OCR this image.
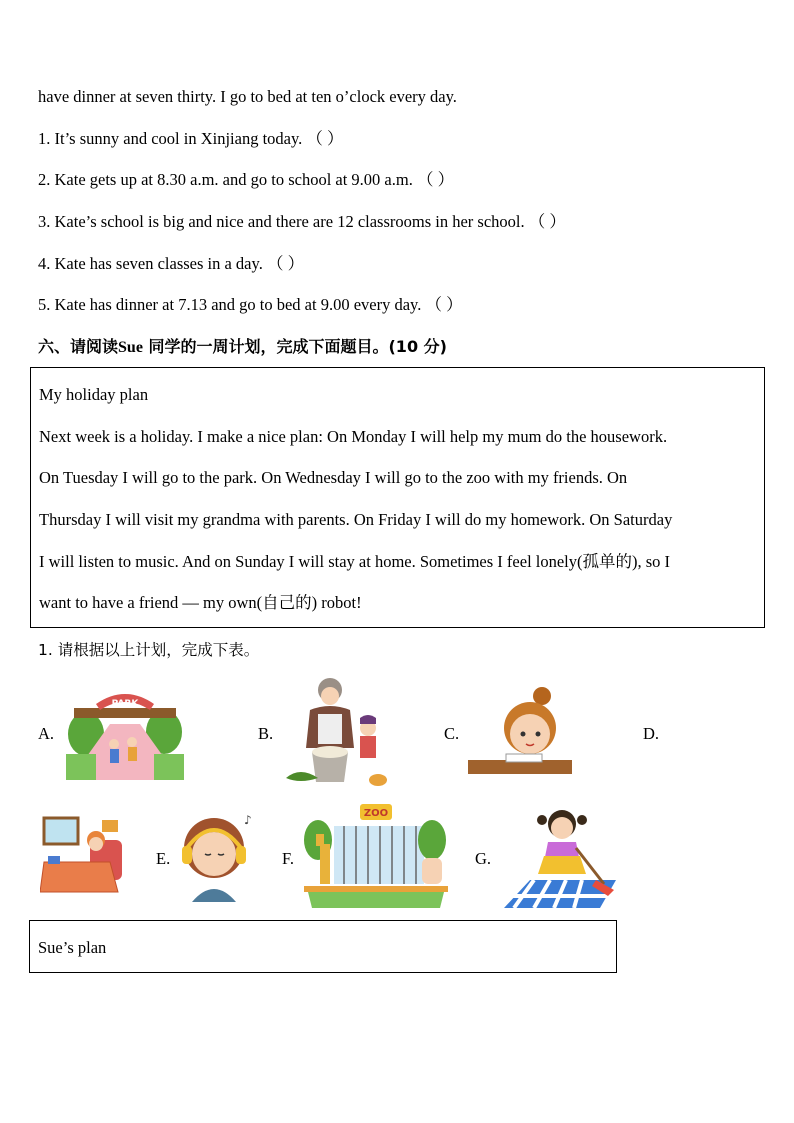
have dinner at seven thirty. I go to bed at ten o’clock every day.
1. It’s sunny and cool in Xinjiang today. （ ）
2. Kate gets up at 8.30 a.m. and go to school at 9.00 a.m. （ ）
3. Kate’s school is big and nice and there are 12 classrooms in her school. （ ）
4. Kate has seven classes in a day. （ ）
5. Kate has dinner at 7.13 and go to bed at 9.00 every day. （ ）
六、请阅读Sue 同学的一周计划，完成下面题目。(10 分)
My holiday plan
Next week is a holiday. I make a nice plan: On Monday I will help my mum do the housework.
On Tuesday I will go to the park. On Wednesday I will go to the zoo with my friends. On
Thursday I will visit my grandma with parents. On Friday I will do my homework. On Saturday
I will listen to music. And on Sunday I will stay at home. Sometimes I feel lonely(孤单的), so I
want to have a friend — my own(自己的) robot!
1. 请根据以上计划，完成下表。
A.	B.	C.	D.
PARK
E.	F.	G.
♪	ZOO
Sue’s plan
